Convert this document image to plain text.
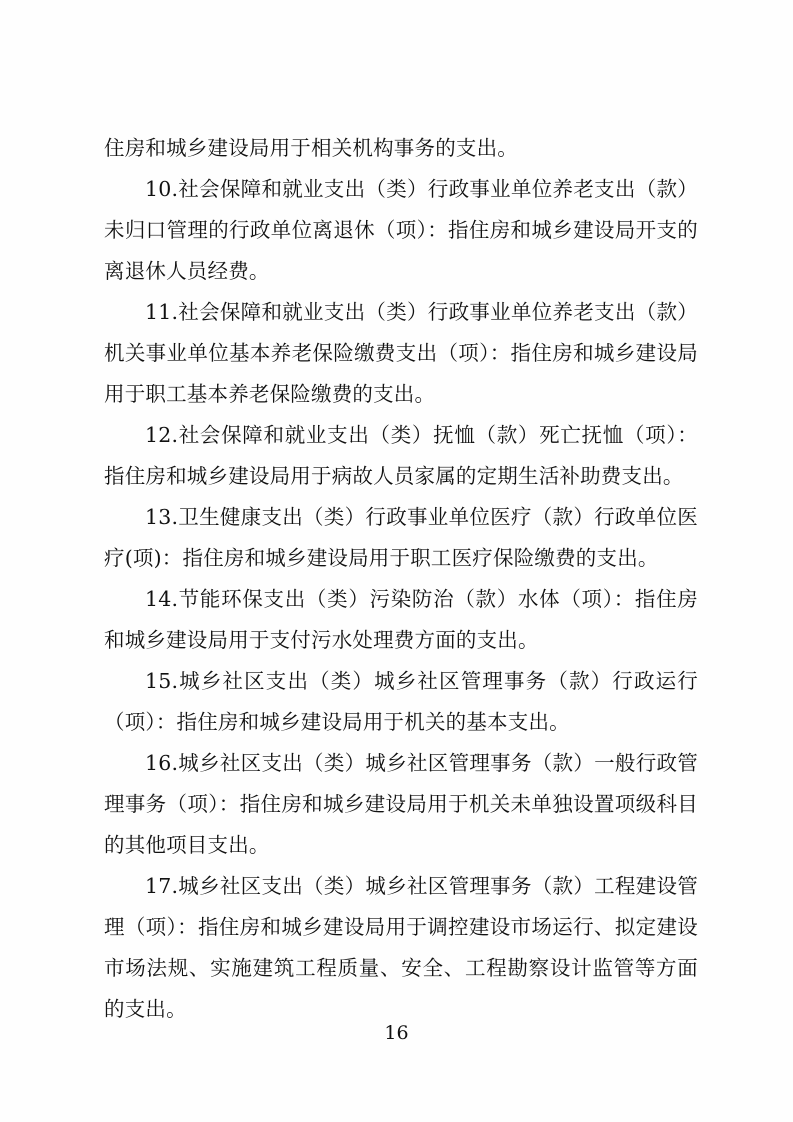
住房和城乡建设局用于相关机构事务的支出。

10.社会保障和就业支出（类）行政事业单位养老支出（款）未归口管理的行政单位离退休（项）：指住房和城乡建设局开支的离退休人员经费。

11.社会保障和就业支出（类）行政事业单位养老支出（款）机关事业单位基本养老保险缴费支出（项）：指住房和城乡建设局用于职工基本养老保险缴费的支出。

12.社会保障和就业支出（类）抚恤（款）死亡抚恤（项）：指住房和城乡建设局用于病故人员家属的定期生活补助费支出。

13.卫生健康支出（类）行政事业单位医疗（款）行政单位医疗(项)：指住房和城乡建设局用于职工医疗保险缴费的支出。

14.节能环保支出（类）污染防治（款）水体（项）：指住房和城乡建设局用于支付污水处理费方面的支出。

15.城乡社区支出（类）城乡社区管理事务（款）行政运行（项）：指住房和城乡建设局用于机关的基本支出。

16.城乡社区支出（类）城乡社区管理事务（款）一般行政管理事务（项）：指住房和城乡建设局用于机关未单独设置项级科目的其他项目支出。

17.城乡社区支出（类）城乡社区管理事务（款）工程建设管理（项）：指住房和城乡建设局用于调控建设市场运行、拟定建设市场法规、实施建筑工程质量、安全、工程勘察设计监管等方面的支出。

16
